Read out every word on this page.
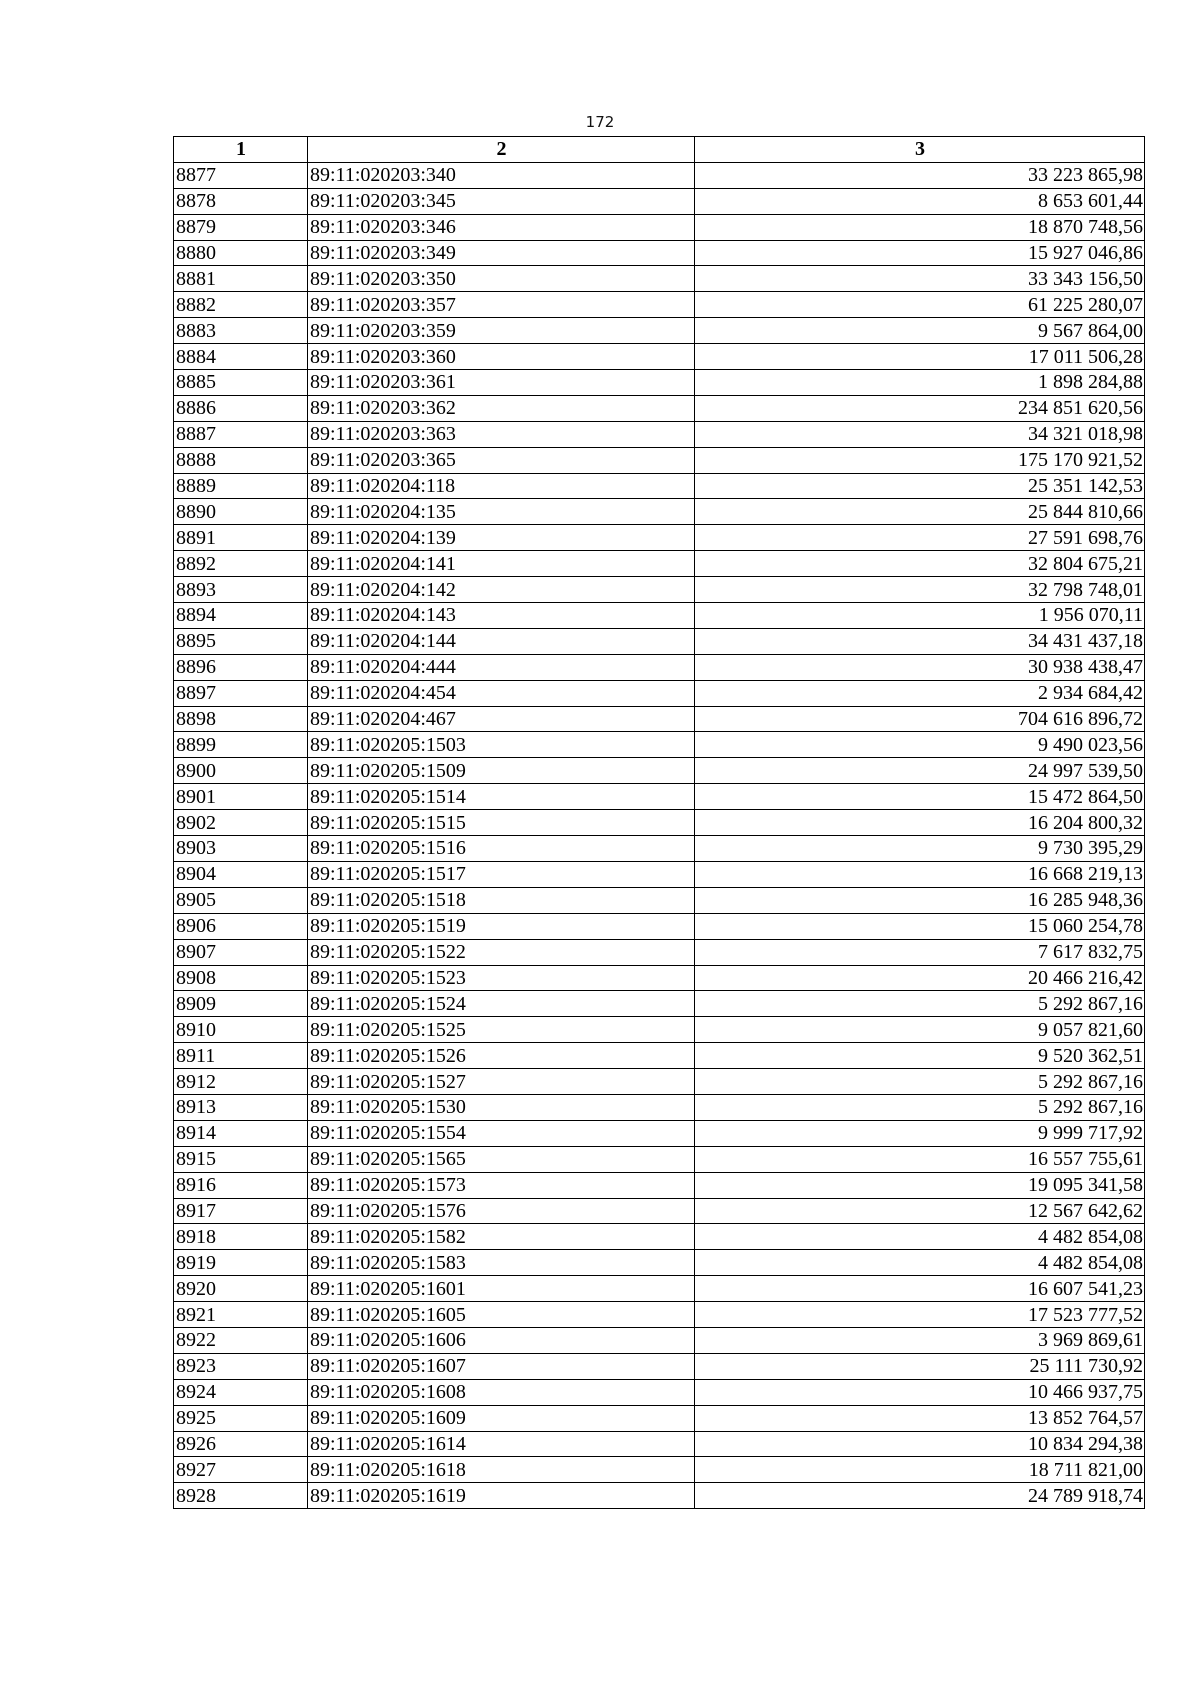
172
1	2	3
8877	89:11:020203:340	33 223 865,98
8878	89:11:020203:345	8 653 601,44
8879	89:11:020203:346	18 870 748,56
8880	89:11:020203:349	15 927 046,86
8881	89:11:020203:350	33 343 156,50
8882	89:11:020203:357	61 225 280,07
8883	89:11:020203:359	9 567 864,00
8884	89:11:020203:360	17 011 506,28
8885	89:11:020203:361	1 898 284,88
8886	89:11:020203:362	234 851 620,56
8887	89:11:020203:363	34 321 018,98
8888	89:11:020203:365	175 170 921,52
8889	89:11:020204:118	25 351 142,53
8890	89:11:020204:135	25 844 810,66
8891	89:11:020204:139	27 591 698,76
8892	89:11:020204:141	32 804 675,21
8893	89:11:020204:142	32 798 748,01
8894	89:11:020204:143	1 956 070,11
8895	89:11:020204:144	34 431 437,18
8896	89:11:020204:444	30 938 438,47
8897	89:11:020204:454	2 934 684,42
8898	89:11:020204:467	704 616 896,72
8899	89:11:020205:1503	9 490 023,56
8900	89:11:020205:1509	24 997 539,50
8901	89:11:020205:1514	15 472 864,50
8902	89:11:020205:1515	16 204 800,32
8903	89:11:020205:1516	9 730 395,29
8904	89:11:020205:1517	16 668 219,13
8905	89:11:020205:1518	16 285 948,36
8906	89:11:020205:1519	15 060 254,78
8907	89:11:020205:1522	7 617 832,75
8908	89:11:020205:1523	20 466 216,42
8909	89:11:020205:1524	5 292 867,16
8910	89:11:020205:1525	9 057 821,60
8911	89:11:020205:1526	9 520 362,51
8912	89:11:020205:1527	5 292 867,16
8913	89:11:020205:1530	5 292 867,16
8914	89:11:020205:1554	9 999 717,92
8915	89:11:020205:1565	16 557 755,61
8916	89:11:020205:1573	19 095 341,58
8917	89:11:020205:1576	12 567 642,62
8918	89:11:020205:1582	4 482 854,08
8919	89:11:020205:1583	4 482 854,08
8920	89:11:020205:1601	16 607 541,23
8921	89:11:020205:1605	17 523 777,52
8922	89:11:020205:1606	3 969 869,61
8923	89:11:020205:1607	25 111 730,92
8924	89:11:020205:1608	10 466 937,75
8925	89:11:020205:1609	13 852 764,57
8926	89:11:020205:1614	10 834 294,38
8927	89:11:020205:1618	18 711 821,00
8928	89:11:020205:1619	24 789 918,74
